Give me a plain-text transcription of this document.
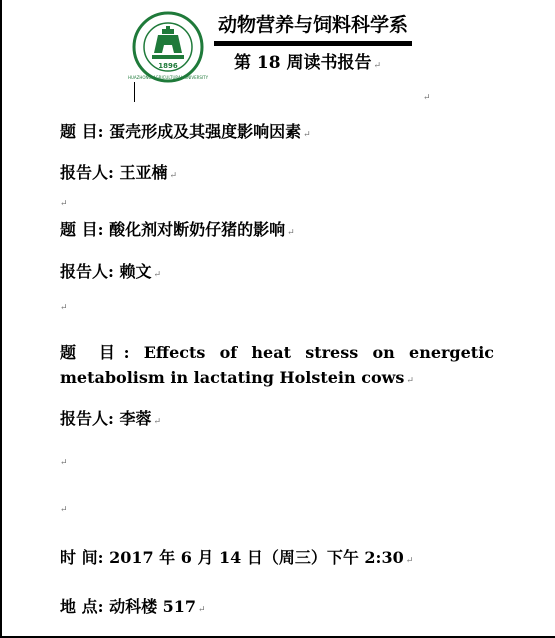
1896
HUAZHONG AGRICULTURAL UNIVERSITY
动物营养与饲料科学系
第 18 周读书报告 ↵
↵
题 目: 蛋壳形成及其强度影响因素 ↵
报告人: 王亚楠 ↵
↵
题 目: 酸化剂对断奶仔猪的影响 ↵
报告人: 赖文 ↵
↵
题 目: Effects of heat stress on energetic
metabolism in lactating Holstein cows ↵
报告人: 李蓉 ↵
↵
↵
时 间: 2017 年 6 月 14 日（周三）下午 2:30 ↵
地 点: 动科楼 517 ↵
